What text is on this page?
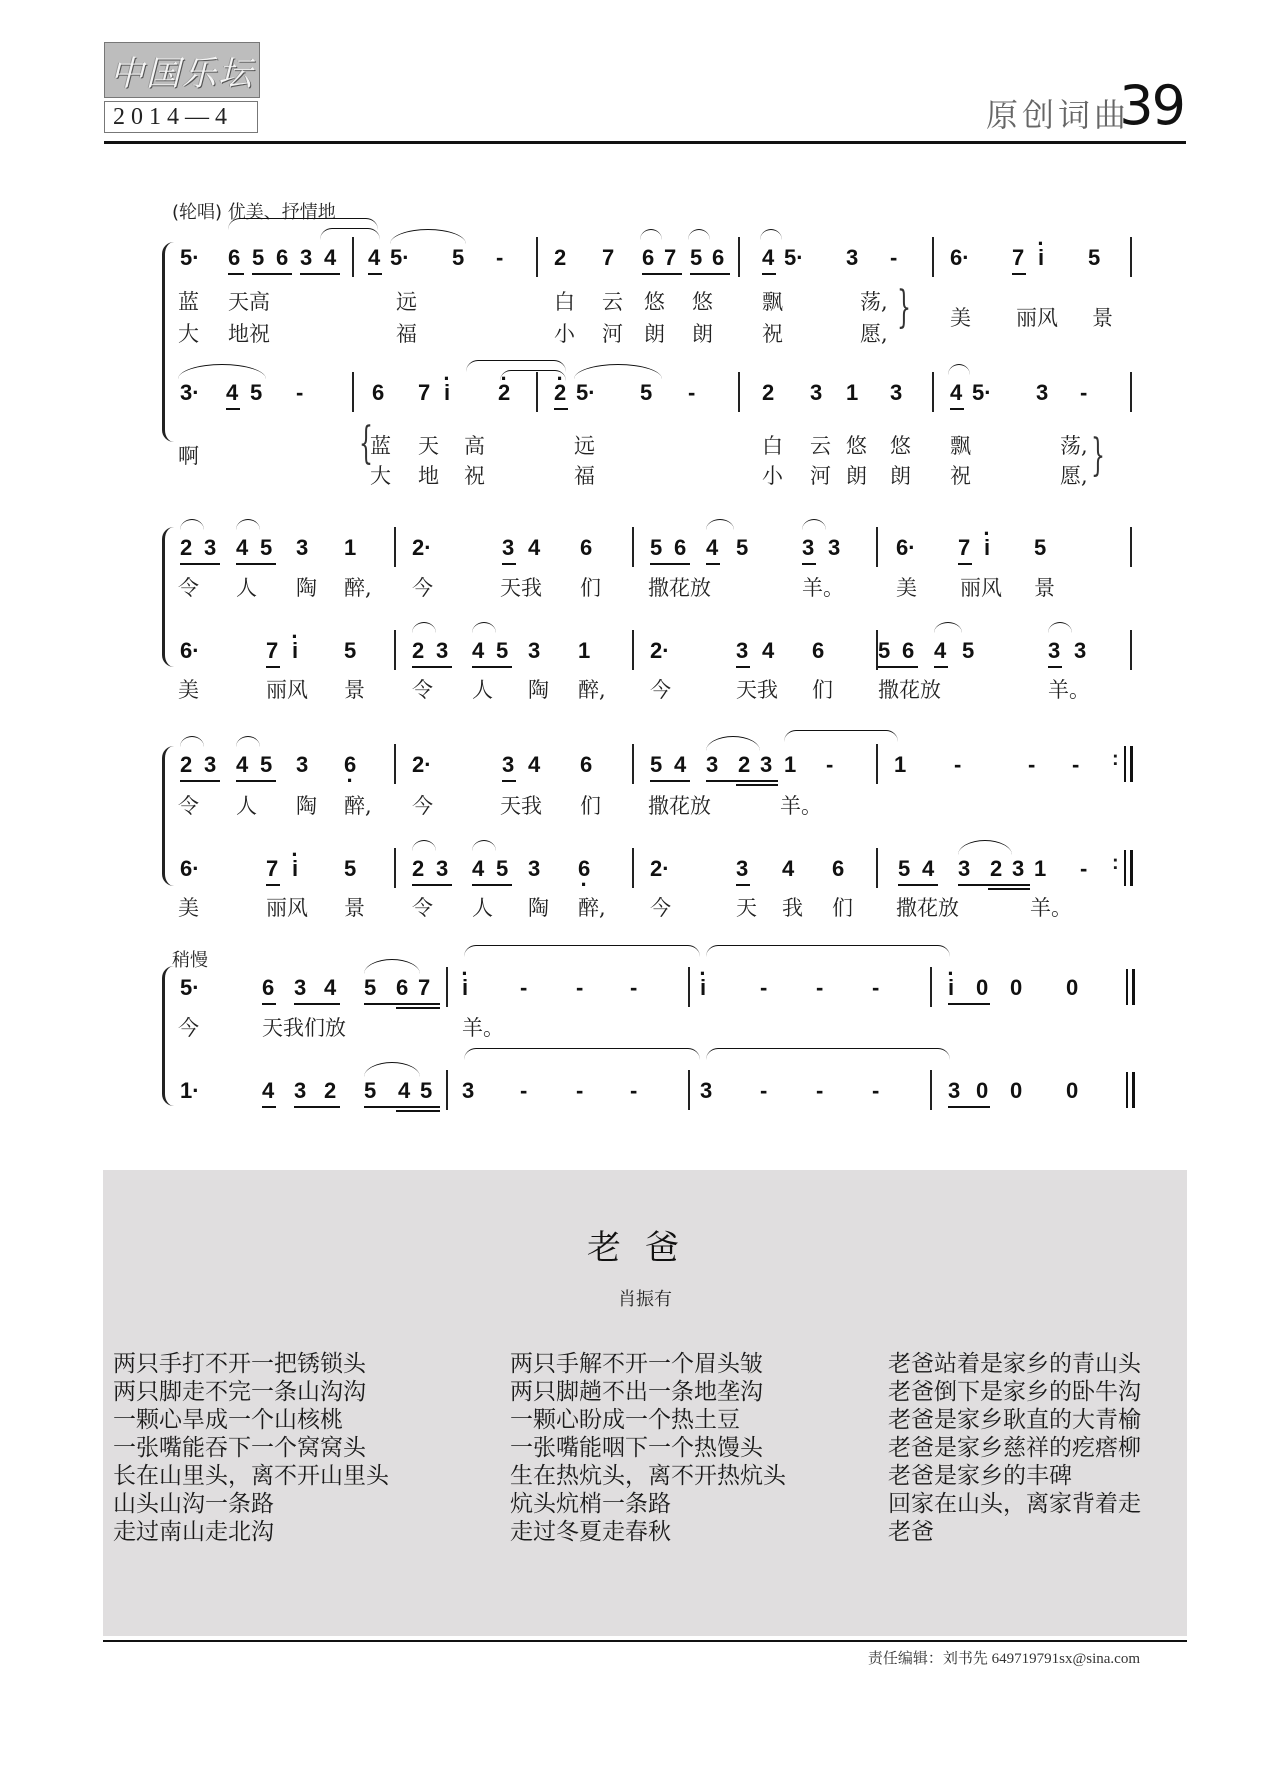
中国乐坛
2014—4	原创词曲
39
(轮唱) 优美、抒情地
5· 6 5 6 3 4 4 5· 5 - 2 7 6 7 5 6 4 5· 3 - 6· 7 · i 5
蓝 天高	远	白 云 悠 悠 飘	荡,
大 地祝	福	小 河 朗 朗 祝	愿,
} 美 丽风 景
3· 4 5 -	6 7 · i · 2 · 2 5· 5 -	2 3 1 3 4 5· 3 -
啊	{
蓝 天 高	远	白 云 悠 悠 飘	荡,
大 地 祝	福	小 河 朗 朗 祝	愿, }
2 3 4 5 3 1	2·	3 4 6	5 6 4 5 3 3	6· 7 · i 5
令 人 陶 醉, 今	天我 们 撒花放	羊。 美 丽风 景
6·	7 · i 5	2 3 4 5 3 1	2·	3 4 6 5 6 4 5	3 3
美	丽风 景 令 人 陶 醉, 今	天我 们 撒花放	羊。
2 3 4 5 3 6 ·	2·	3 4 6	5 4 3 2 3 1 -	1 -	- - :
令 人 陶 醉, 今	天我 们 撒花放	羊。
6·	7 · i 5	2 3 4 5 3 6 ·	2·	3 4 6 5 4 3 2 3 1 - :
美	丽风 景 令 人 陶 醉, 今	天 我 们 撒花放	羊。
稍慢
5·	6 3 4 5 6 7 · i - - -	· i - - -	· i 0 0 0
今	天我们放	羊。
1·	4 3 2 5 4 5 3 - - -	3 - - -	3 0 0 0
老爸
肖振有
两只手打不开一把锈锁头
两只脚走不完一条山沟沟
一颗心旱成一个山核桃
一张嘴能吞下一个窝窝头
长在山里头，离不开山里头
山头山沟一条路
走过南山走北沟
两只手解不开一个眉头皱
两只脚趟不出一条地垄沟
一颗心盼成一个热土豆
一张嘴能咽下一个热馒头
生在热炕头，离不开热炕头
炕头炕梢一条路
走过冬夏走春秋
老爸站着是家乡的青山头
老爸倒下是家乡的卧牛沟
老爸是家乡耿直的大青榆
老爸是家乡慈祥的疙瘩柳
老爸是家乡的丰碑
回家在山头，离家背着走
老爸
责任编辑：刘书先 649719791sx@sina.com
